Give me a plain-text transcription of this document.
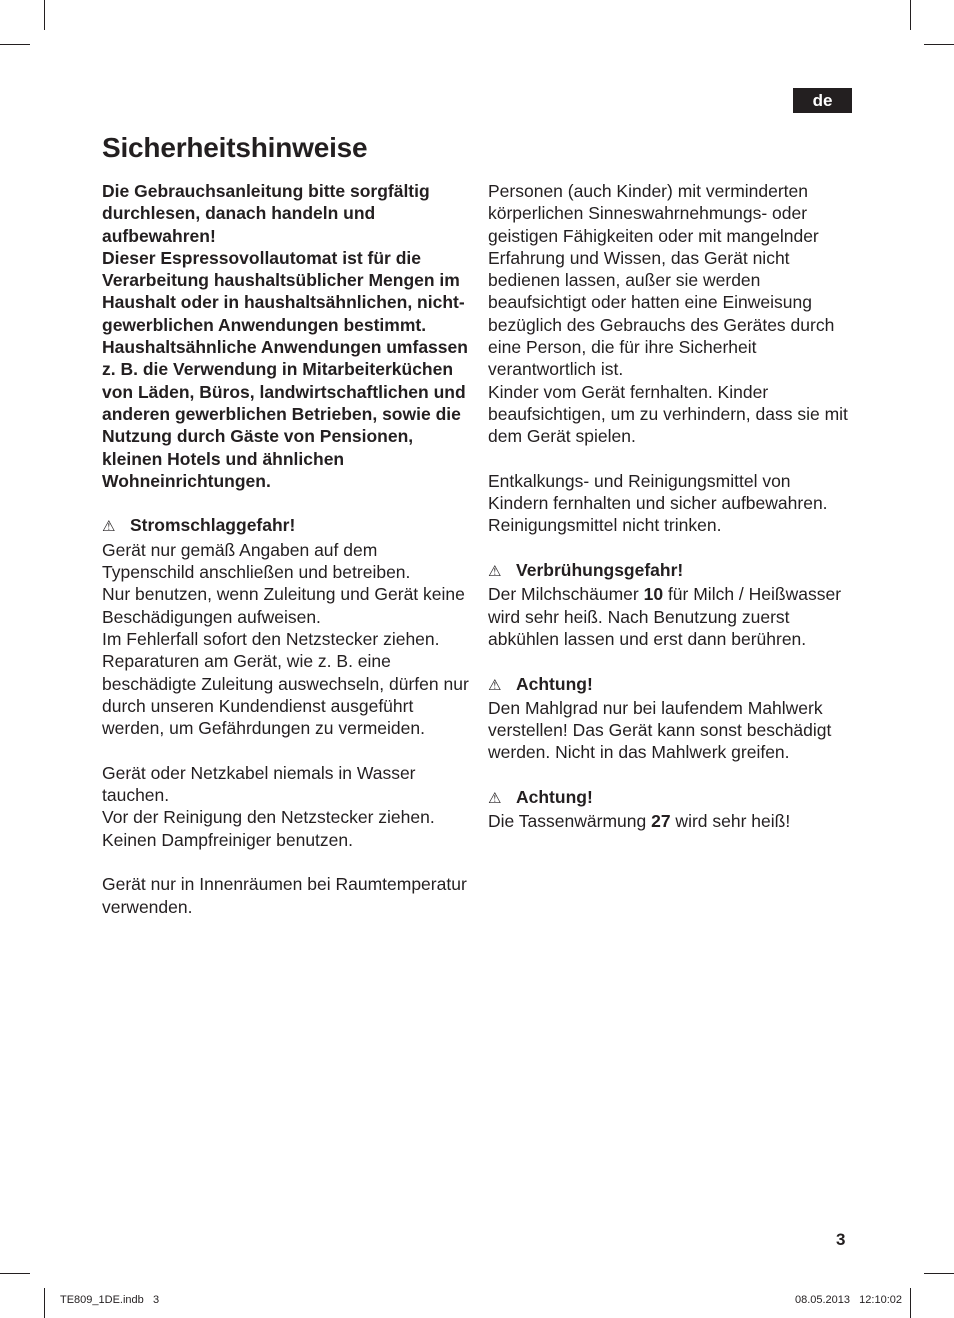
de
Sicherheitshinweise

Die Gebrauchsanleitung bitte sorgfältig durchlesen, danach handeln und aufbewahren!

Dieser Espressovollautomat ist für die Verarbeitung haushaltsüblicher Mengen im Haushalt oder in haushaltsähnlichen, nicht-gewerblichen Anwendungen bestimmt. Haushaltsähnliche Anwendungen umfassen z. B. die Verwendung in Mitarbeiterküchen von Läden, Büros, landwirtschaftlichen und anderen gewerblichen Betrieben, sowie die Nutzung durch Gäste von Pensionen, kleinen Hotels und ähnlichen Wohneinrichtungen.

⚠ Stromschlaggefahr!

Gerät nur gemäß Angaben auf dem Typenschild anschließen und betreiben.

Nur benutzen, wenn Zuleitung und Gerät keine Beschädigungen aufweisen.

Im Fehlerfall sofort den Netzstecker ziehen.

Reparaturen am Gerät, wie z. B. eine beschädigte Zuleitung auswechseln, dürfen nur durch unseren Kundendienst ausgeführt werden, um Gefährdungen zu vermeiden.

Gerät oder Netzkabel niemals in Wasser tauchen.

Vor der Reinigung den Netzstecker ziehen.

Keinen Dampfreiniger benutzen.

Gerät nur in Innenräumen bei Raumtemperatur verwenden.

Personen (auch Kinder) mit verminderten körperlichen Sinneswahrnehmungs- oder geistigen Fähigkeiten oder mit mangelnder Erfahrung und Wissen, das Gerät nicht bedienen lassen, außer sie werden beaufsichtigt oder hatten eine Einweisung bezüglich des Gebrauchs des Gerätes durch eine Person, die für ihre Sicherheit verantwortlich ist.

Kinder vom Gerät fernhalten. Kinder beaufsichtigen, um zu verhindern, dass sie mit dem Gerät spielen.

Entkalkungs- und Reinigungsmittel von Kindern fernhalten und sicher aufbewahren.

Reinigungsmittel nicht trinken.

⚠ Verbrühungsgefahr!

Der Milchschäumer 10 für Milch / Heißwasser wird sehr heiß. Nach Benutzung zuerst abkühlen lassen und erst dann berühren.

⚠ Achtung!

Den Mahlgrad nur bei laufendem Mahlwerk verstellen! Das Gerät kann sonst beschädigt werden. Nicht in das Mahlwerk greifen.

⚠ Achtung!

Die Tassenwärmung 27 wird sehr heiß!

3
TE809_1DE.indb   3	08.05.2013   12:10:02
